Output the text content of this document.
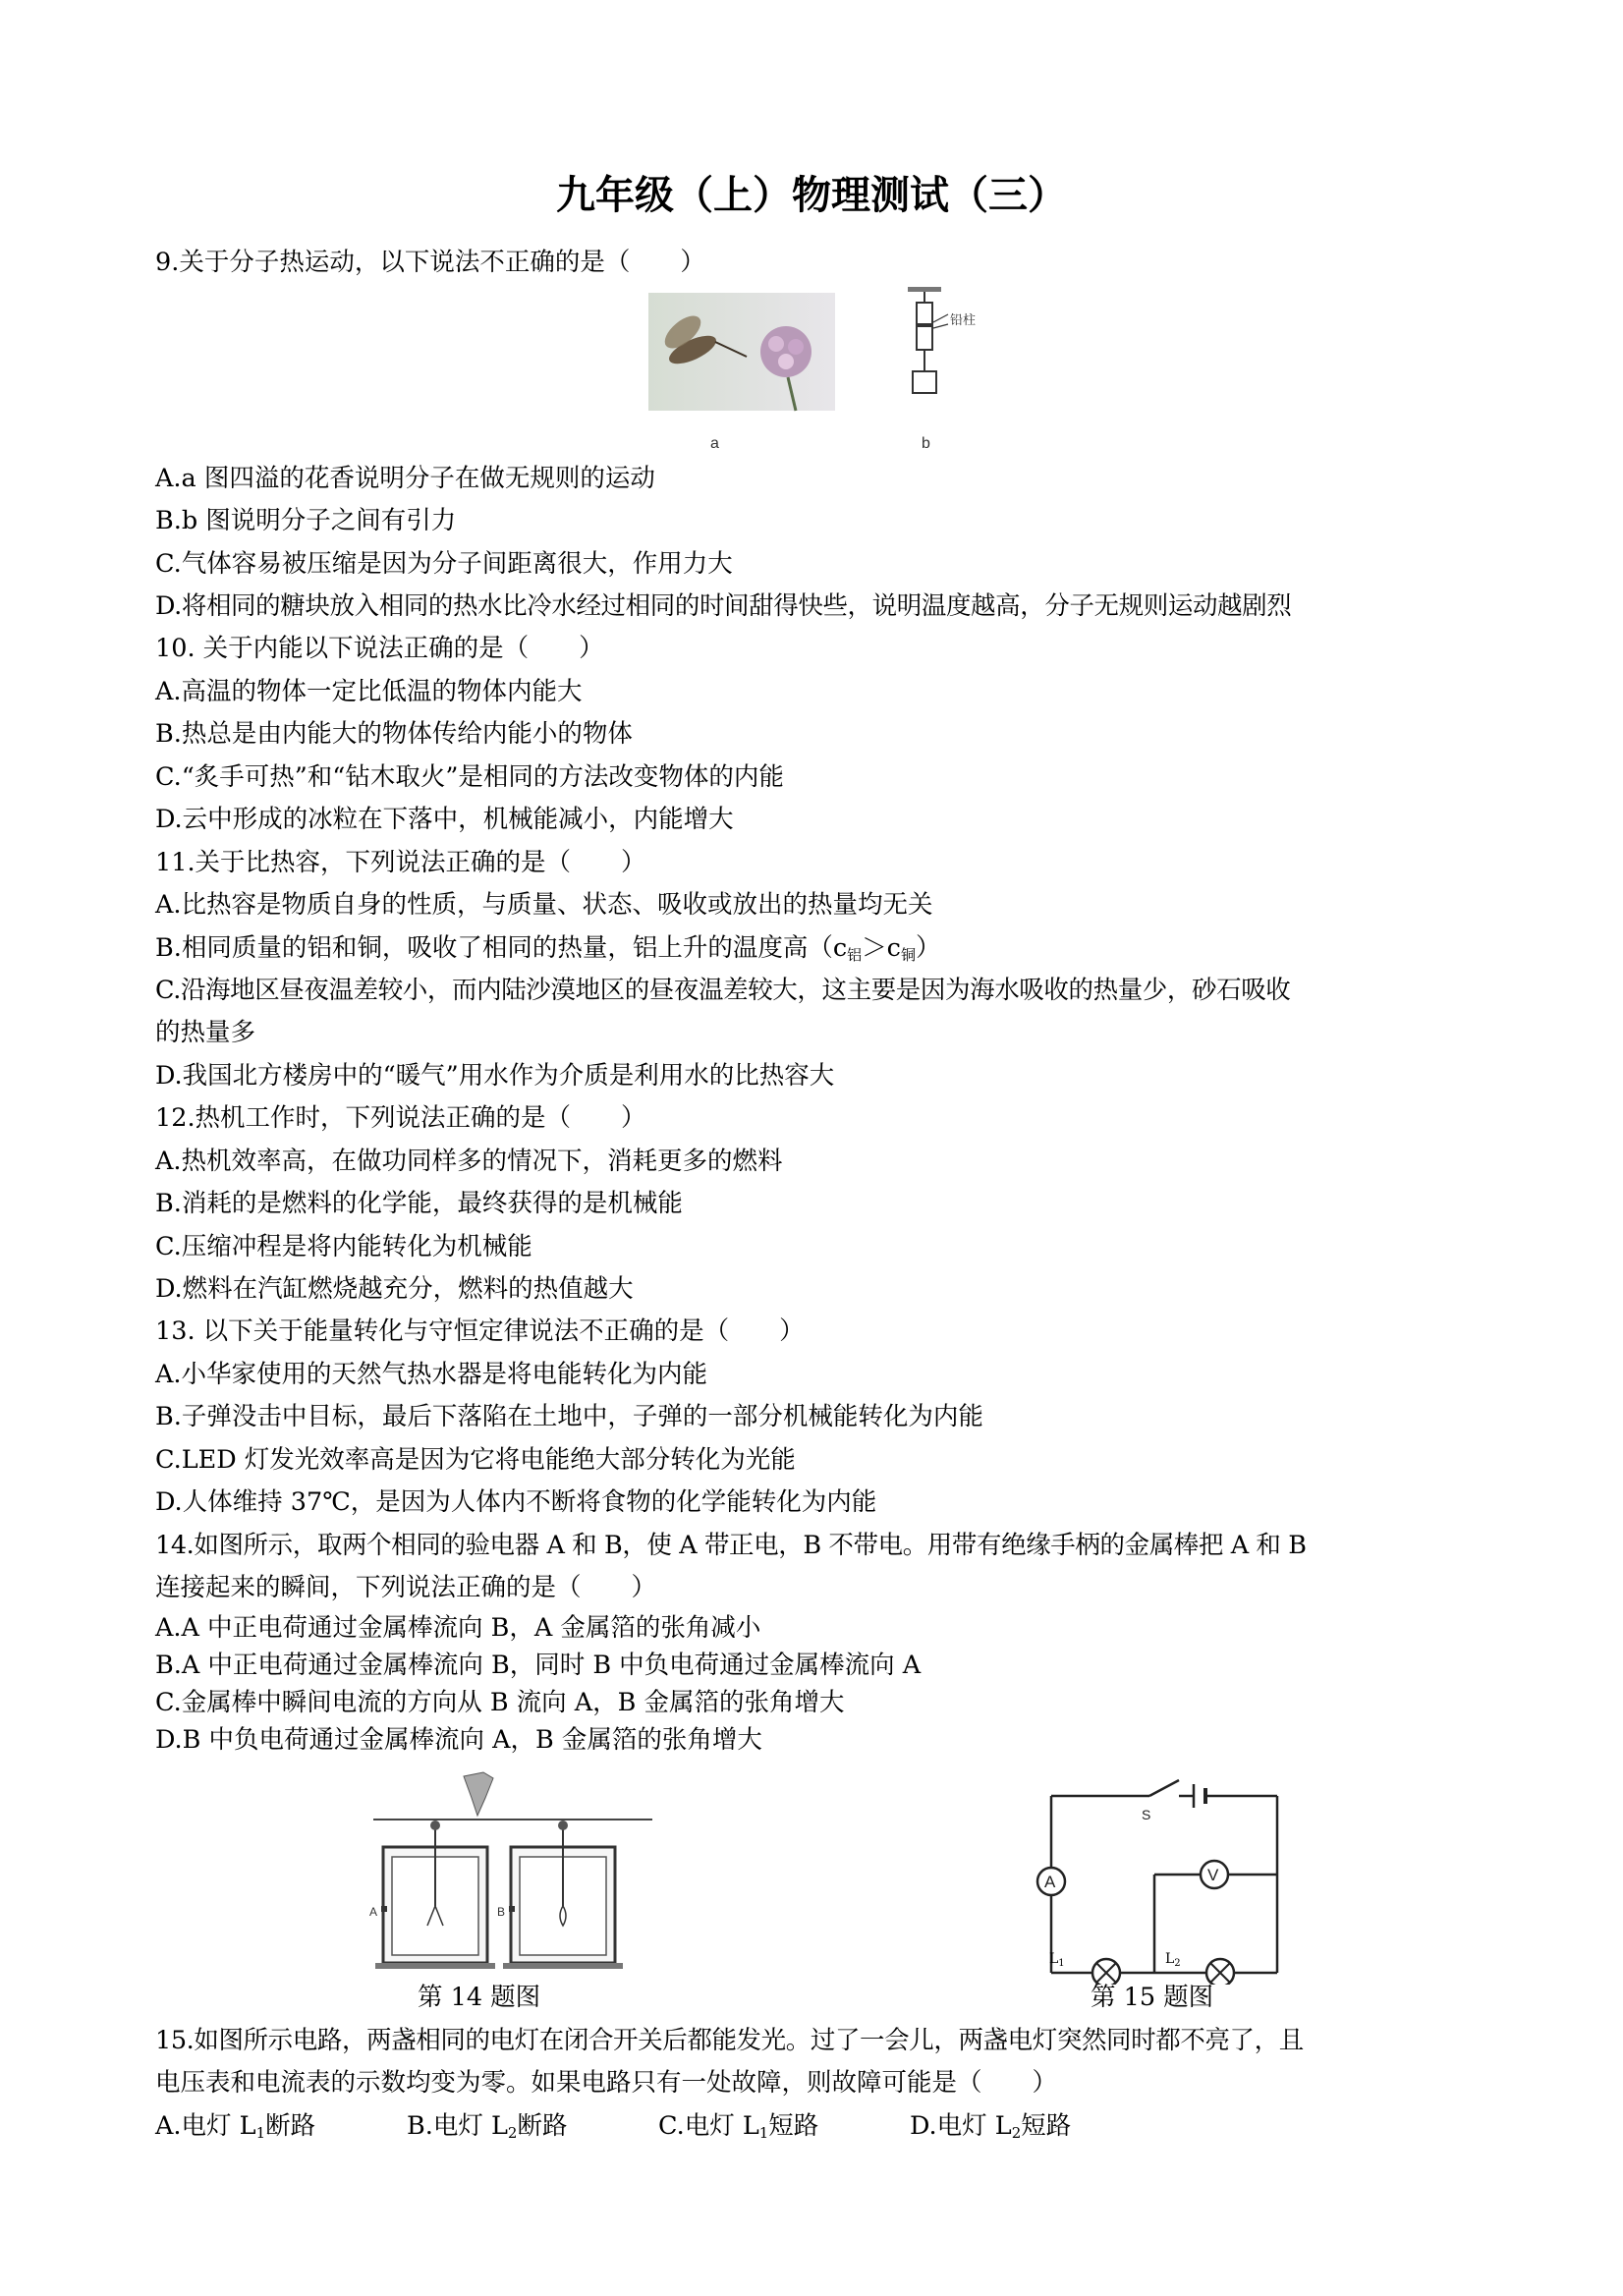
九年级（上）物理测试（三）
9.关于分子热运动，以下说法不正确的是（　　）
a
铅柱
b
A.a 图四溢的花香说明分子在做无规则的运动
B.b 图说明分子之间有引力
C.气体容易被压缩是因为分子间距离很大，作用力大
D.将相同的糖块放入相同的热水比冷水经过相同的时间甜得快些，说明温度越高，分子无规则运动越剧烈
10. 关于内能以下说法正确的是（　　）
A.高温的物体一定比低温的物体内能大
B.热总是由内能大的物体传给内能小的物体
C.“炙手可热”和“钻木取火”是相同的方法改变物体的内能
D.云中形成的冰粒在下落中，机械能减小，内能增大
11.关于比热容，下列说法正确的是（　　）
A.比热容是物质自身的性质，与质量、状态、吸收或放出的热量均无关
B.相同质量的铝和铜，吸收了相同的热量，铝上升的温度高$(c_铝>c_铜)$
C.沿海地区昼夜温差较小，而内陆沙漠地区的昼夜温差较大，这主要是因为海水吸收的热量少，砂石吸收
的热量多
D.我国北方楼房中的“暖气”用水作为介质是利用水的比热容大
12.热机工作时，下列说法正确的是（　　）
A.热机效率高，在做功同样多的情况下，消耗更多的燃料
B.消耗的是燃料的化学能，最终获得的是机械能
C.压缩冲程是将内能转化为机械能
D.燃料在汽缸燃烧越充分，燃料的热值越大
13. 以下关于能量转化与守恒定律说法不正确的是（　　）
A.小华家使用的天然气热水器是将电能转化为内能
B.子弹没击中目标，最后下落陷在土地中，子弹的一部分机械能转化为内能
C.LED 灯发光效率高是因为它将电能绝大部分转化为光能
D.人体维持 37℃，是因为人体内不断将食物的化学能转化为内能
14.如图所示，取两个相同的验电器 A 和 B，使 A 带正电，B 不带电。用带有绝缘手柄的金属棒把 A 和 B
连接起来的瞬间，下列说法正确的是（　　）
A.A 中正电荷通过金属棒流向 B，A 金属箔的张角减小
B.A 中正电荷通过金属棒流向 B，同时 B 中负电荷通过金属棒流向 A
C.金属棒中瞬间电流的方向从 B 流向 A，B 金属箔的张角增大
D.B 中负电荷通过金属棒流向 A，B 金属箔的张角增大
A	B
第 14 题图
A	V
S
$L_1$	$L_2$
第 15 题图
15.如图所示电路，两盏相同的电灯在闭合开关后都能发光。过了一会儿，两盏电灯突然同时都不亮了，且
电压表和电流表的示数均变为零。如果电路只有一处故障，则故障可能是（　　）
A.电灯 $L_1$断路	B.电灯 $L_2$断路	C.电灯 $L_1$短路	D.电灯 $L_2$短路
